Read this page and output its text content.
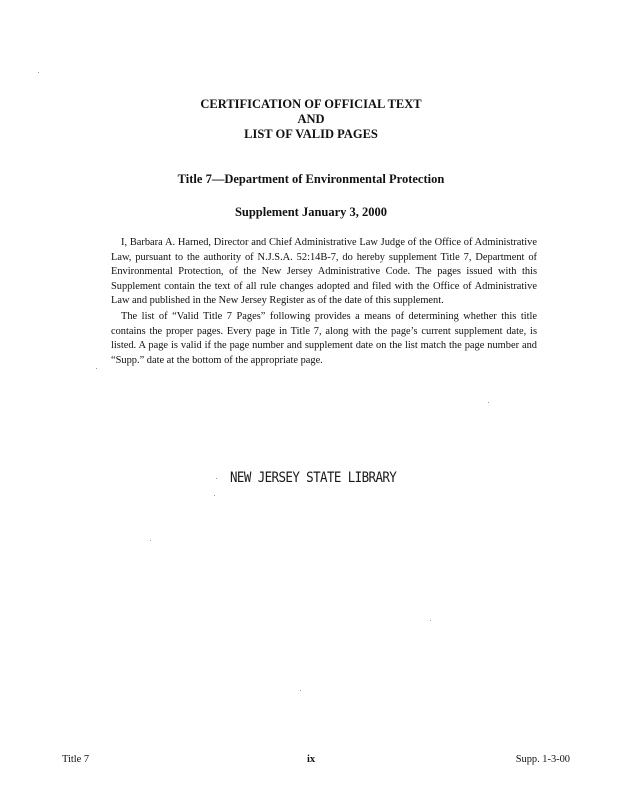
CERTIFICATION OF OFFICIAL TEXT
AND
LIST OF VALID PAGES
Title 7—Department of Environmental Protection
Supplement January 3, 2000

I, Barbara A. Harned, Director and Chief Administrative Law Judge of the Office of Administrative Law, pursuant to the authority of N.J.S.A. 52:14B-7, do hereby supplement Title 7, Department of Environmental Protection, of the New Jersey Administrative Code. The pages issued with this Supplement contain the text of all rule changes adopted and filed with the Office of Administrative Law and published in the New Jersey Register as of the date of this supplement.

The list of “Valid Title 7 Pages” following provides a means of determining whether this title contains the proper pages. Every page in Title 7, along with the page’s current supplement date, is listed. A page is valid if the page number and supplement date on the list match the page number and “Supp.” date at the bottom of the appropriate page.

NEW JERSEY STATE LIBRARY
Title 7	ix	Supp. 1-3-00
